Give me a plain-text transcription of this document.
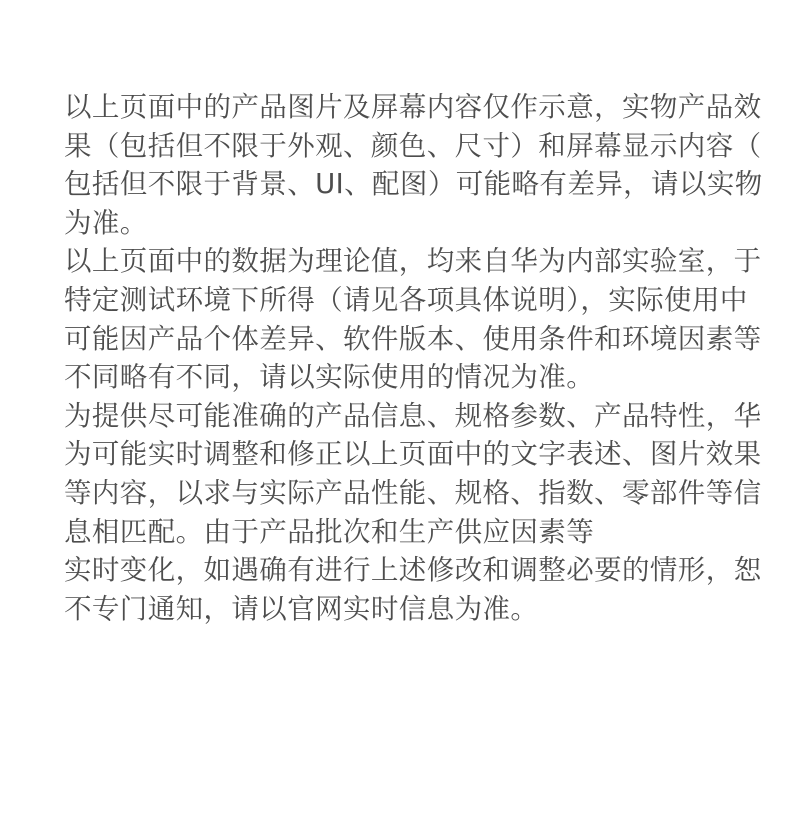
以上页面中的产品图片及屏幕内容仅作示意，实物产品效
果（包括但不限于外观、颜色、尺寸）和屏幕显示内容（
包括但不限于背景、UI、配图）可能略有差异，请以实物
为准。
以上页面中的数据为理论值，均来自华为内部实验室，于
特定测试环境下所得（请见各项具体说明），实际使用中
可能因产品个体差异、软件版本、使用条件和环境因素等
不同略有不同，请以实际使用的情况为准。
为提供尽可能准确的产品信息、规格参数、产品特性，华
为可能实时调整和修正以上页面中的文字表述、图片效果
等内容，以求与实际产品性能、规格、指数、零部件等信
息相匹配。由于产品批次和生产供应因素等
实时变化，如遇确有进行上述修改和调整必要的情形，恕
不专门通知，请以官网实时信息为准。
